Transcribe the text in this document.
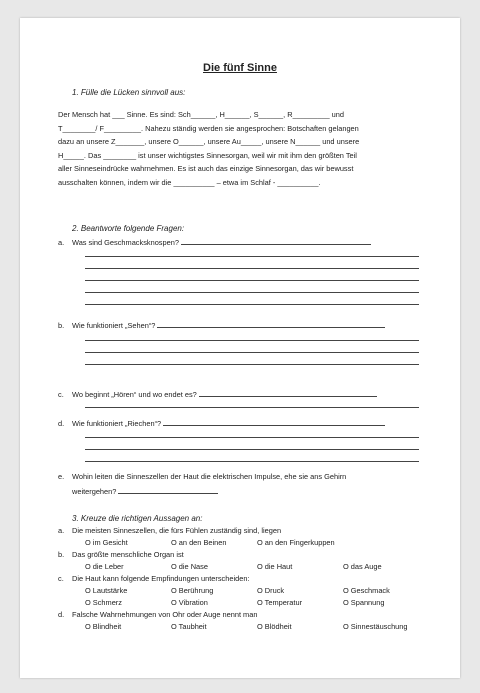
Die fünf Sinne
1. Fülle die Lücken sinnvoll aus:
Der Mensch hat ___ Sinne. Es sind: Sch______, H______, S______, R_________ und
T________/ F_________. Nahezu ständig werden sie angesprochen: Botschaften gelangen
dazu an unsere Z_______, unsere O______, unsere Au_____, unsere N______ und unsere
H_____. Das ________ ist unser wichtigstes Sinnesorgan, weil wir mit ihm den größten Teil
aller Sinneseindrücke wahrnehmen. Es ist auch das einzige Sinnesorgan, das wir bewusst
ausschalten können, indem wir die __________ – etwa im Schlaf - __________.
2. Beantworte folgende Fragen:
a. Was sind Geschmacksknospen?
b. Wie funktioniert „Sehen“?
c. Wo beginnt „Hören“ und wo endet es?
d. Wie funktioniert „Riechen“?
e. Wohin leiten die Sinneszellen der Haut die elektrischen Impulse, ehe sie ans Gehirn
weitergehen?
3. Kreuze die richtigen Aussagen an:
a. Die meisten Sinneszellen, die fürs Fühlen zuständig sind, liegen
O im Gesicht	O an den Beinen	O an den Fingerkuppen
b. Das größte menschliche Organ ist
O die Leber	O die Nase	O die Haut	O das Auge
c. Die Haut kann folgende Empfindungen unterscheiden:
O Lautstärke	O Berührung	O Druck	O Geschmack
O Schmerz	O Vibration	O Temperatur	O Spannung
d. Falsche Wahrnehmungen von Ohr oder Auge nennt man
O Blindheit	O Taubheit	O Blödheit	O Sinnestäuschung
